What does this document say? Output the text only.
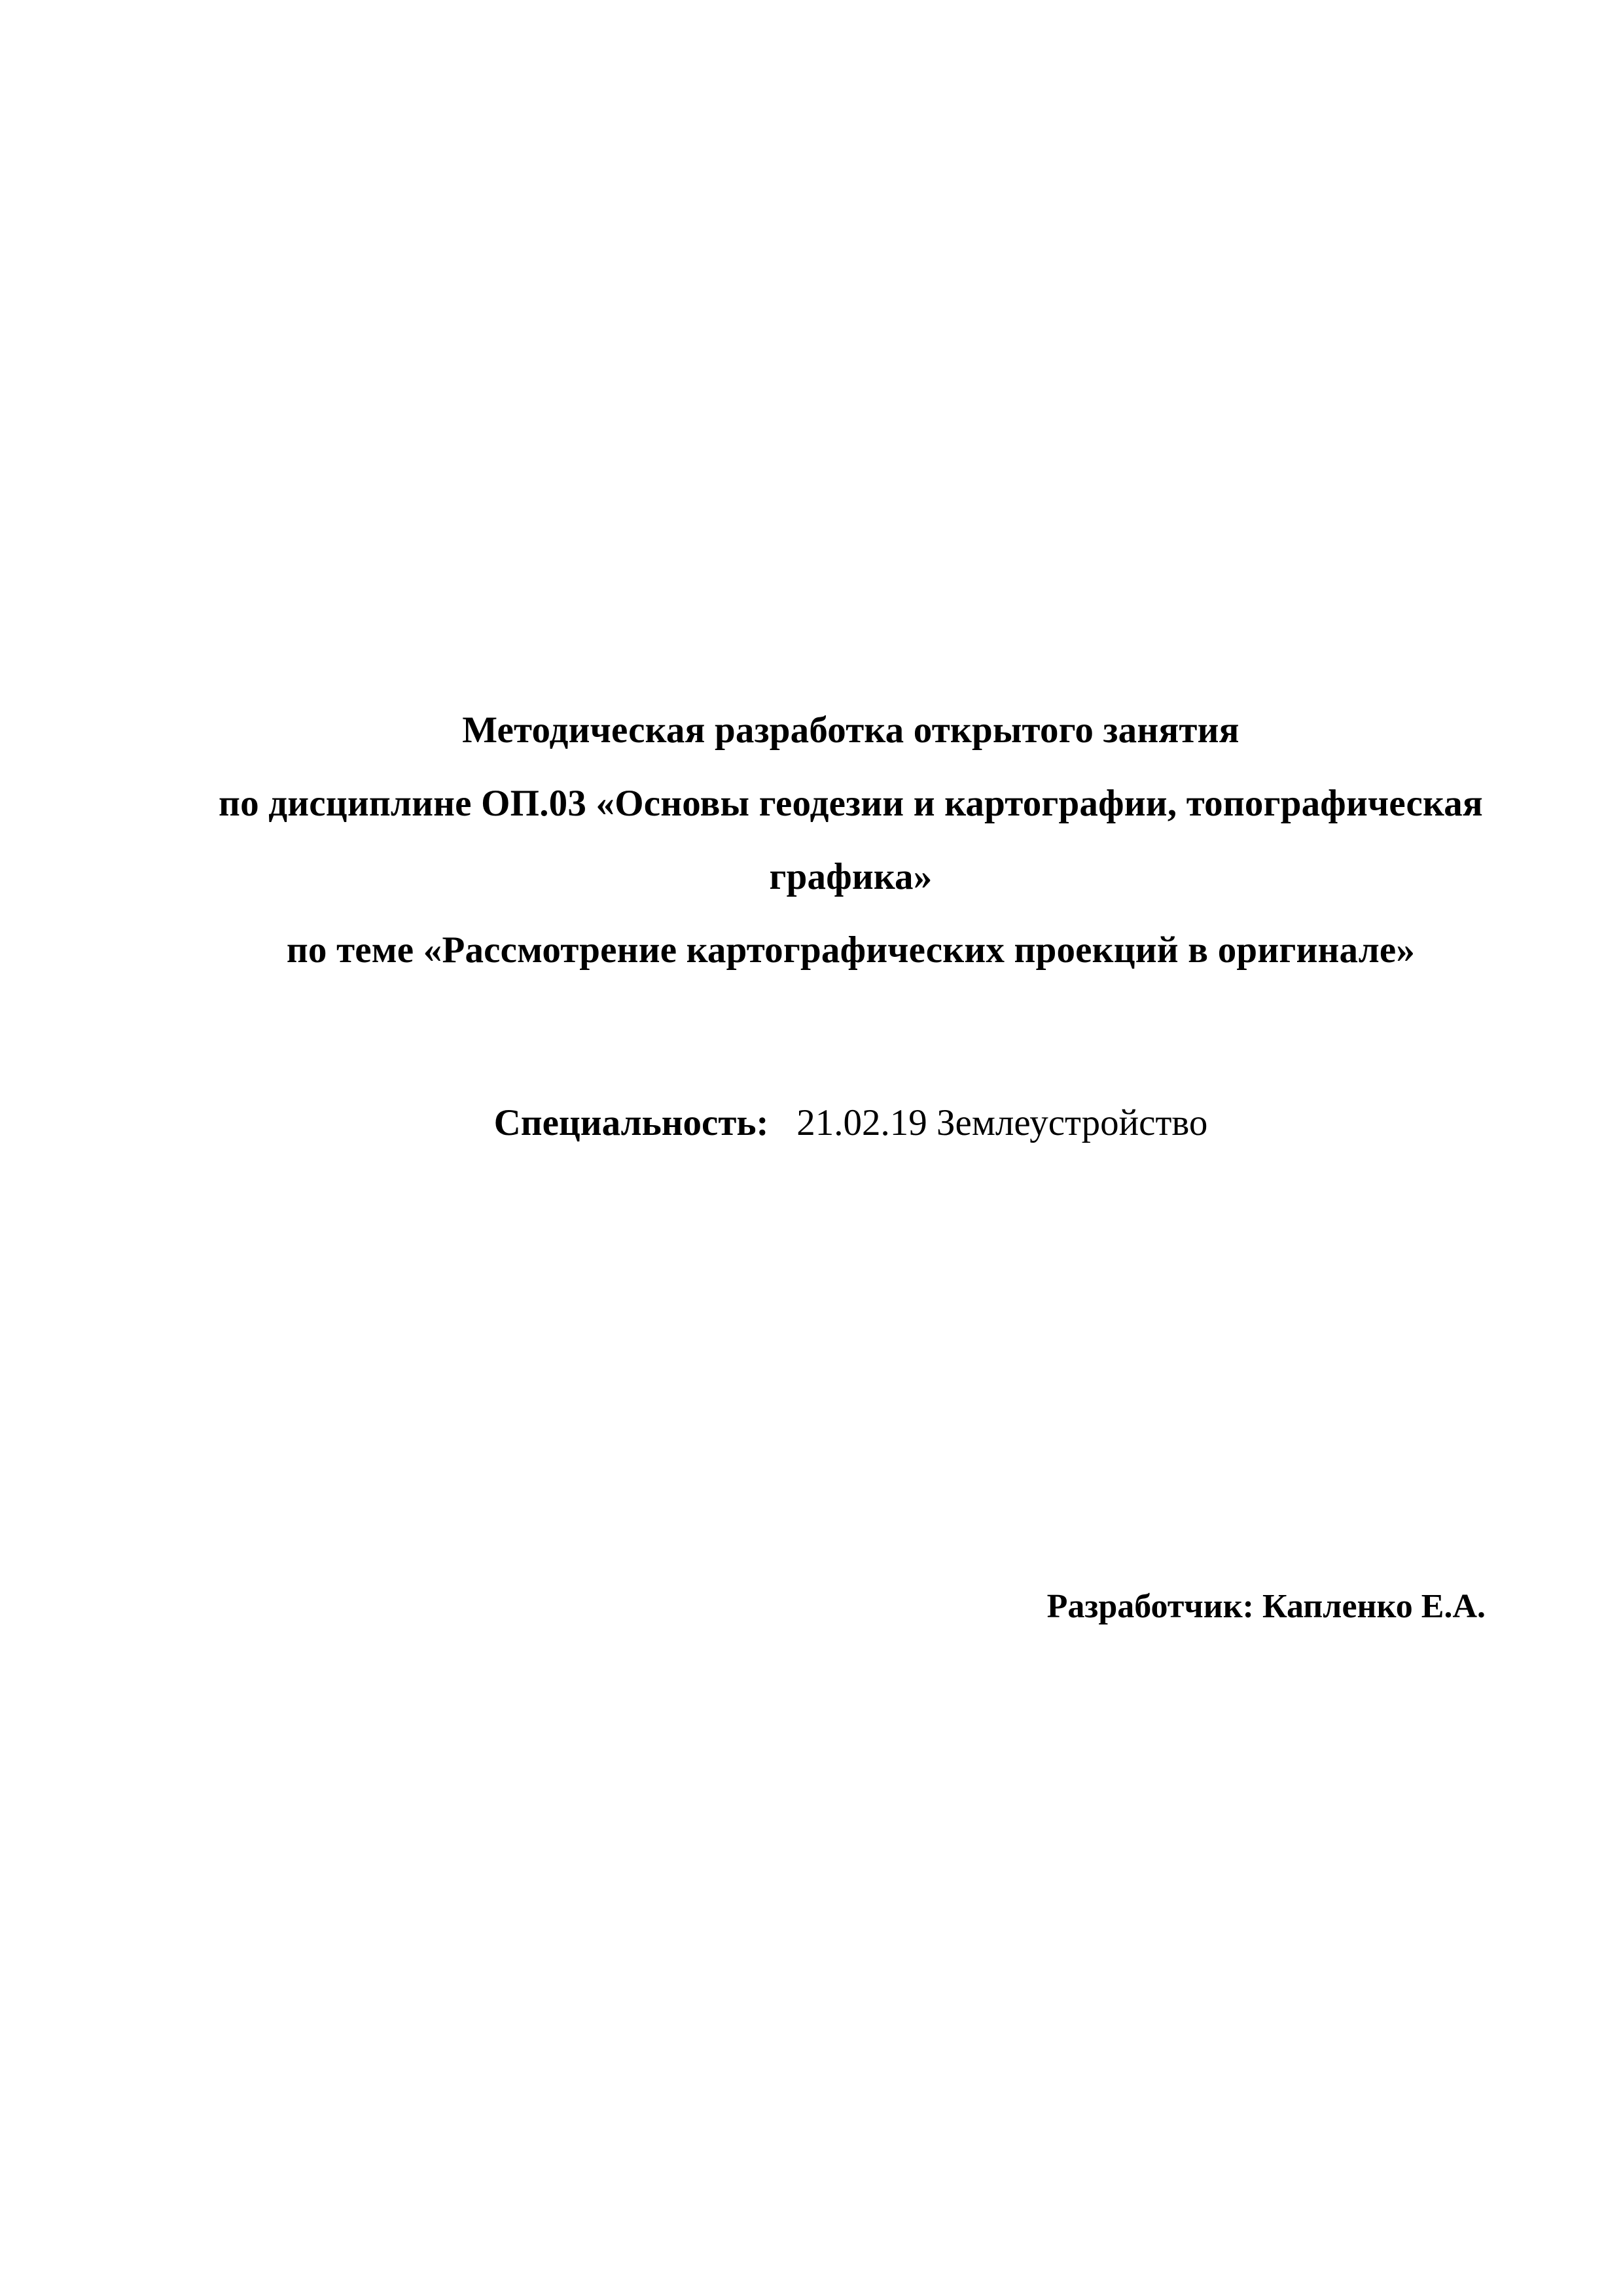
Методическая разработка открытого занятия
по дисциплине ОП.03 «Основы геодезии и картографии, топографическая
графика»
по теме «Рассмотрение картографических проекций в оригинале»
Специальность: 21.02.19 Землеустройство
Разработчик: Капленко Е.А.
